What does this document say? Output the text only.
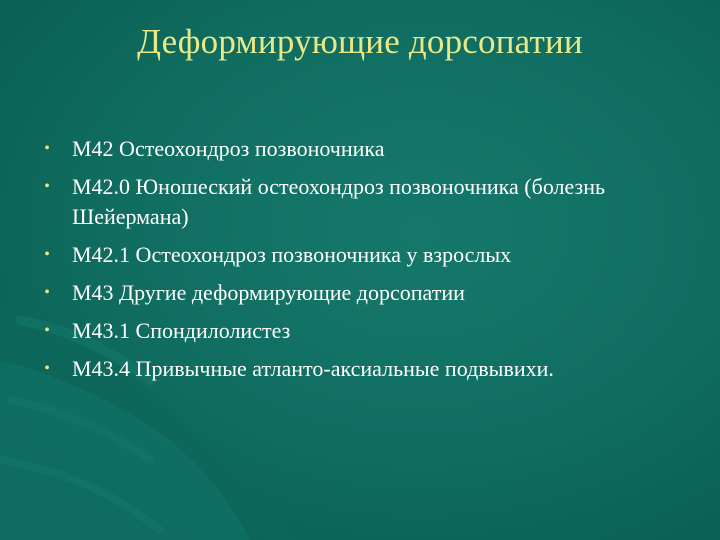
Деформирующие дорсопатии
• М42 Остеохондроз позвоночника
• М42.0 Юношеский остеохондроз позвоночника (болезнь Шейермана)
• М42.1 Остеохондроз позвоночника у взрослых
• М43 Другие деформирующие дорсопатии
• М43.1 Спондилолистез
• М43.4 Привычные атланто-аксиальные подвывихи.
